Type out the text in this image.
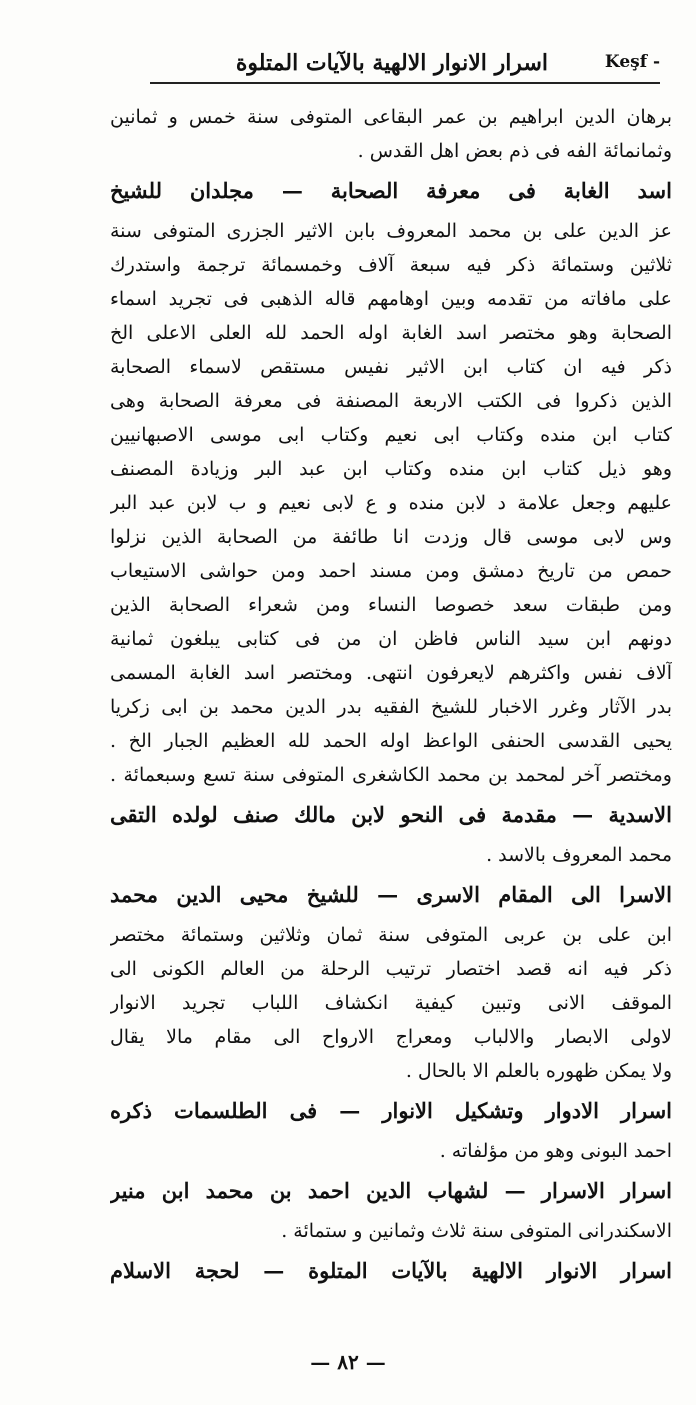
اسرار الانوار الالهية بالآيات المتلوة	Keşf -
برهان الدين ابراهيم بن عمر البقاعى المتوفى سنة خمس و ثمانين
وثمانمائة الفه فى ذم بعض اهل القدس .
اسد الغابة فى معرفة الصحابة — مجلدان للشيخ
عز الدين على بن محمد المعروف بابن الاثير الجزرى المتوفى سنة
ثلاثين وستمائة ذكر فيه سبعة آلاف وخمسمائة ترجمة واستدرك
على مافاته من تقدمه وبين اوهامهم قاله الذهبى فى تجريد اسماء
الصحابة وهو مختصر اسد الغابة اوله الحمد لله العلى الاعلى الخ
ذكر فيه ان كتاب ابن الاثير نفيس مستقص لاسماء الصحابة
الذين ذكروا فى الكتب الاربعة المصنفة فى معرفة الصحابة وهى
كتاب ابن منده وكتاب ابى نعيم وكتاب ابى موسى الاصبهانيين
وهو ذيل كتاب ابن منده وكتاب ابن عبد البر وزيادة المصنف
عليهم وجعل علامة د لابن منده و ع لابى نعيم و ب لابن عبد البر
وس لابى موسى قال وزدت انا طائفة من الصحابة الذين نزلوا
حمص من تاريخ دمشق ومن مسند احمد ومن حواشى الاستيعاب
ومن طبقات سعد خصوصا النساء ومن شعراء الصحابة الذين
دونهم ابن سيد الناس فاظن ان من فى كتابى يبلغون ثمانية
آلاف نفس واكثرهم لايعرفون انتهى. ومختصر اسد الغابة المسمى
بدر الآثار وغرر الاخبار للشيخ الفقيه بدر الدين محمد بن ابى زكريا
يحيى القدسى الحنفى الواعظ اوله الحمد لله العظيم الجبار الخ .
ومختصر آخر لمحمد بن محمد الكاشغرى المتوفى سنة تسع وسبعمائة .
الاسدية — مقدمة فى النحو لابن مالك صنف لولده التقى
محمد المعروف بالاسد .
الاسرا الى المقام الاسرى — للشيخ محيى الدين محمد
ابن على بن عربى المتوفى سنة ثمان وثلاثين وستمائة مختصر
ذكر فيه انه قصد اختصار ترتيب الرحلة من العالم الكونى الى
الموقف الانى وتبين كيفية انكشاف اللباب تجريد الانوار
لاولى الابصار والالباب ومعراج الارواح الى مقام مالا يقال
ولا يمكن ظهوره بالعلم الا بالحال .
اسرار الادوار وتشكيل الانوار — فى الطلسمات ذكره
احمد البونى وهو من مؤلفاته .
اسرار الاسرار — لشهاب الدين احمد بن محمد ابن منير
الاسكندرانى المتوفى سنة ثلاث وثمانين و ستمائة .
اسرار الانوار الالهية بالآيات المتلوة — لحجة الاسلام
— ٨٢ —
